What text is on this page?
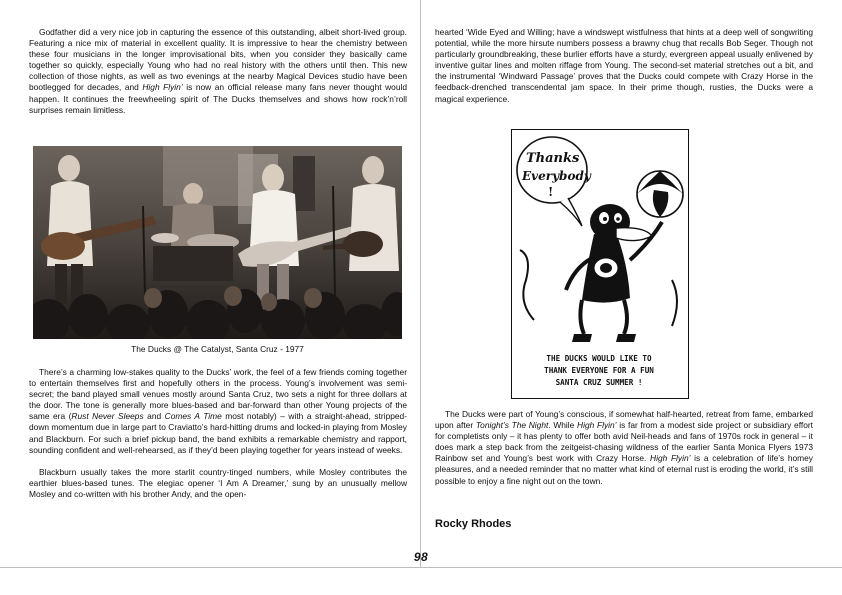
Godfather did a very nice job in capturing the essence of this outstanding, albeit short-lived group. Featuring a nice mix of material in excellent quality. It is impressive to hear the chemistry between these four musicians in the longer improvisational bits, when you consider they basically came together so quickly, especially Young who had no real history with the others until then. This new collection of those nights, as well as two evenings at the nearby Magical Devices studio have been bootlegged for decades, and High Flyin’ is now an official release many fans never thought would happen. It continues the freewheeling spirit of The Ducks themselves and shows how rock’n’roll surprises remain limitless.

The Ducks @ The Catalyst, Santa Cruz - 1977

There’s a charming low-stakes quality to the Ducks’ work, the feel of a few friends coming together to entertain themselves first and hopefully others in the process. Young’s involvement was semi-secret; the band played small venues mostly around Santa Cruz, two sets a night for three dollars at the door. The tone is generally more blues-based and bar-forward than other Young projects of the same era (Rust Never Sleeps and Comes A Time most notably) – with a straight-ahead, stripped-down momentum due in large part to Craviatto’s hard-hitting drums and locked-in playing from Mosley and Blackburn. For such a brief pickup band, the band exhibits a remarkable chemistry and rapport, sounding confident and well-rehearsed, as if they’d been playing together for years instead of weeks.

Blackburn usually takes the more starlit country-tinged numbers, while Mosley contributes the earthier blues-based tunes. The elegiac opener ‘I Am A Dreamer,’ sung by an unusually mellow Mosley and co-written with his brother Andy, and the open-

hearted ‘Wide Eyed and Willing; have a windswept wistfulness that hints at a deep well of songwriting potential, while the more hirsute numbers possess a brawny chug that recalls Bob Seger. Though not particularly groundbreaking, these burlier efforts have a sturdy, evergreen appeal usually enlivened by inventive guitar lines and molten riffage from Young. The second-set material stretches out a bit, and the instrumental ‘Windward Passage’ proves that the Ducks could compete with Crazy Horse in the feedback-drenched transcendental jam space. In their prime though, rusties, the Ducks were a magical experience.

Thanks
Everybody
!
THE DUCKS WOULD LIKE TO
THANK EVERYONE FOR A FUN
SANTA CRUZ SUMMER !

The Ducks were part of Young’s conscious, if somewhat half-hearted, retreat from fame, embarked upon after Tonight’s The Night. While High Flyin’ is far from a modest side project or subsidiary effort for completists only – it has plenty to offer both avid Neil-heads and fans of 1970s rock in general – it does mark a step back from the zeitgeist-chasing wildness of the earlier Santa Monica Flyers 1973 Rainbow set and Young’s best work with Crazy Horse. High Flyin’ is a celebration of life’s homey pleasures, and a needed reminder that no matter what kind of eternal rust is eroding the world, it’s still possible to enjoy a fine night out on the town.

Rocky Rhodes
98
